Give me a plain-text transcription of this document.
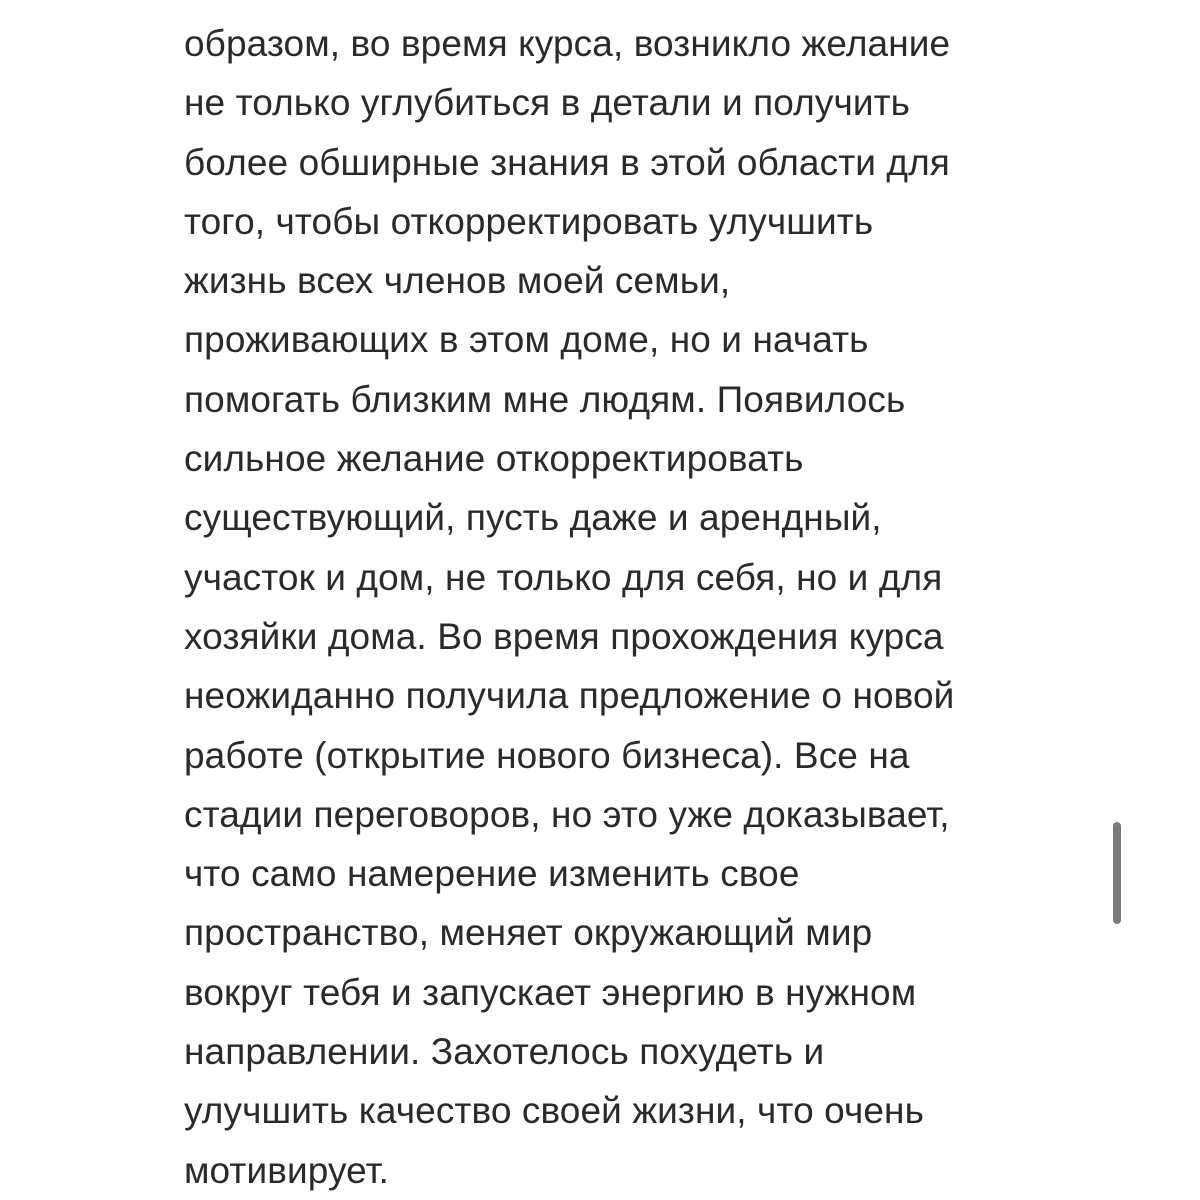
образом, во время курса, возникло желание
не только углубиться в детали и получить
более обширные знания в этой области для
того, чтобы откорректировать улучшить
жизнь всех членов моей семьи,
проживающих в этом доме, но и начать
помогать близким мне людям. Появилось
сильное желание откорректировать
существующий, пусть даже и арендный,
участок и дом, не только для себя, но и для
хозяйки дома. Во время прохождения курса
неожиданно получила предложение о новой
работе (открытие нового бизнеса). Все на
стадии переговоров, но это уже доказывает,
что само намерение изменить свое
пространство, меняет окружающий мир
вокруг тебя и запускает энергию в нужном
направлении. Захотелось похудеть и
улучшить качество своей жизни, что очень
мотивирует.
